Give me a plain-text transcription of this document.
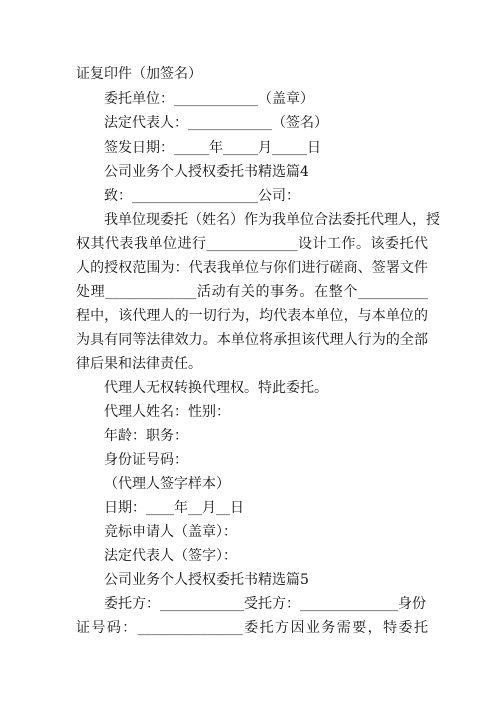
证复印件（加签名）
委托单位：____________（盖章）
法定代表人：____________（签名）
签发日期：_____年_____月_____日
公司业务个人授权委托书精选篇4
致：__________________公司：
我单位现委托（姓名）作为我单位合法委托代理人，授
权其代表我单位进行_____________设计工作。该委托代
人的授权范围为：代表我单位与你们进行磋商、签署文件
处理_____________活动有关的事务。在整个__________
程中，该代理人的一切行为，均代表本单位，与本单位的
为具有同等法律效力。本单位将承担该代理人行为的全部
律后果和法律责任。
代理人无权转换代理权。特此委托。
代理人姓名：性别：
年龄：职务：
身份证号码：
（代理人签字样本）
日期：____年__月__日
竞标申请人（盖章）：
法定代表人（签字）：
公司业务个人授权委托书精选篇5
委托方：____________受托方：______________身份
证号码：_______________委托方因业务需要，特委托
